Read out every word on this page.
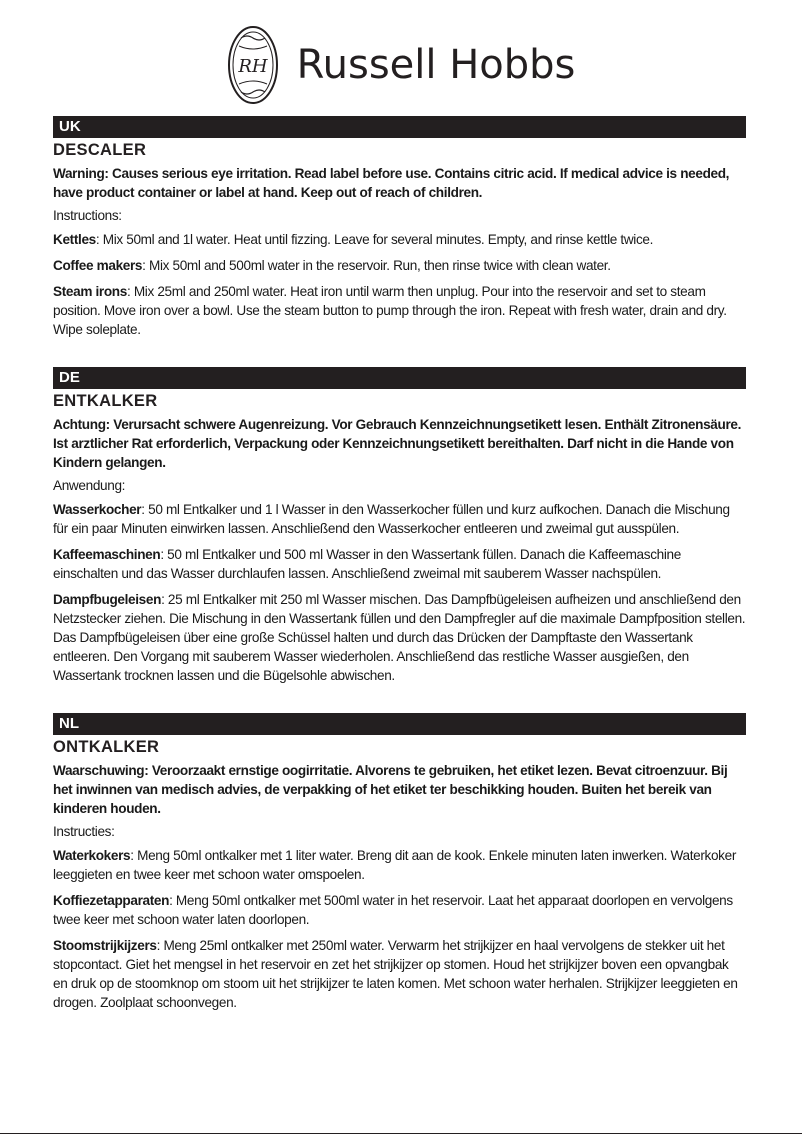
RH Russell Hobbs
UK
DESCALER
Warning: Causes serious eye irritation. Read label before use. Contains citric acid. If medical advice is needed, have product container or label at hand. Keep out of reach of children.
Instructions:
Kettles: Mix 50ml and 1l water. Heat until fizzing. Leave for several minutes. Empty, and rinse kettle twice.
Coffee makers: Mix 50ml and 500ml water in the reservoir. Run, then rinse twice with clean water.
Steam irons: Mix 25ml and 250ml water. Heat iron until warm then unplug. Pour into the reservoir and set to steam position. Move iron over a bowl. Use the steam button to pump through the iron. Repeat with fresh water, drain and dry. Wipe soleplate.
DE
ENTKALKER
Achtung: Verursacht schwere Augenreizung. Vor Gebrauch Kennzeichnungsetikett lesen. Enthält Zitronensäure. Ist arztlicher Rat erforderlich, Verpackung oder Kennzeichnungsetikett bereithalten. Darf nicht in die Hande von Kindern gelangen.
Anwendung:
Wasserkocher: 50 ml Entkalker und 1 l Wasser in den Wasserkocher füllen und kurz aufkochen. Danach die Mischung für ein paar Minuten einwirken lassen. Anschließend den Wasserkocher entleeren und zweimal gut ausspülen.
Kaffeemaschinen: 50 ml Entkalker und 500 ml Wasser in den Wassertank füllen. Danach die Kaffeemaschine einschalten und das Wasser durchlaufen lassen. Anschließend zweimal mit sauberem Wasser nachspülen.
Dampfbugeleisen: 25 ml Entkalker mit 250 ml Wasser mischen. Das Dampfbügeleisen aufheizen und anschließend den Netzstecker ziehen. Die Mischung in den Wassertank füllen und den Dampfregler auf die maximale Dampfposition stellen. Das Dampfbügeleisen über eine große Schüssel halten und durch das Drücken der Dampftaste den Wassertank entleeren. Den Vorgang mit sauberem Wasser wiederholen. Anschließend das restliche Wasser ausgießen, den Wassertank trocknen lassen und die Bügelsohle abwischen.
NL
ONTKALKER
Waarschuwing: Veroorzaakt ernstige oogirritatie. Alvorens te gebruiken, het etiket lezen. Bevat citroenzuur. Bij het inwinnen van medisch advies, de verpakking of het etiket ter beschikking houden. Buiten het bereik van kinderen houden.
Instructies:
Waterkokers: Meng 50ml ontkalker met 1 liter water. Breng dit aan de kook. Enkele minuten laten inwerken. Waterkoker leeggieten en twee keer met schoon water omspoelen.
Koffiezetapparaten: Meng 50ml ontkalker met 500ml water in het reservoir. Laat het apparaat doorlopen en vervolgens twee keer met schoon water laten doorlopen.
Stoomstrijkijzers: Meng 25ml ontkalker met 250ml water. Verwarm het strijkijzer en haal vervolgens de stekker uit het stopcontact. Giet het mengsel in het reservoir en zet het strijkijzer op stomen. Houd het strijkijzer boven een opvangbak en druk op de stoomknop om stoom uit het strijkijzer te laten komen. Met schoon water herhalen. Strijkijzer leeggieten en drogen. Zoolplaat schoonvegen.
